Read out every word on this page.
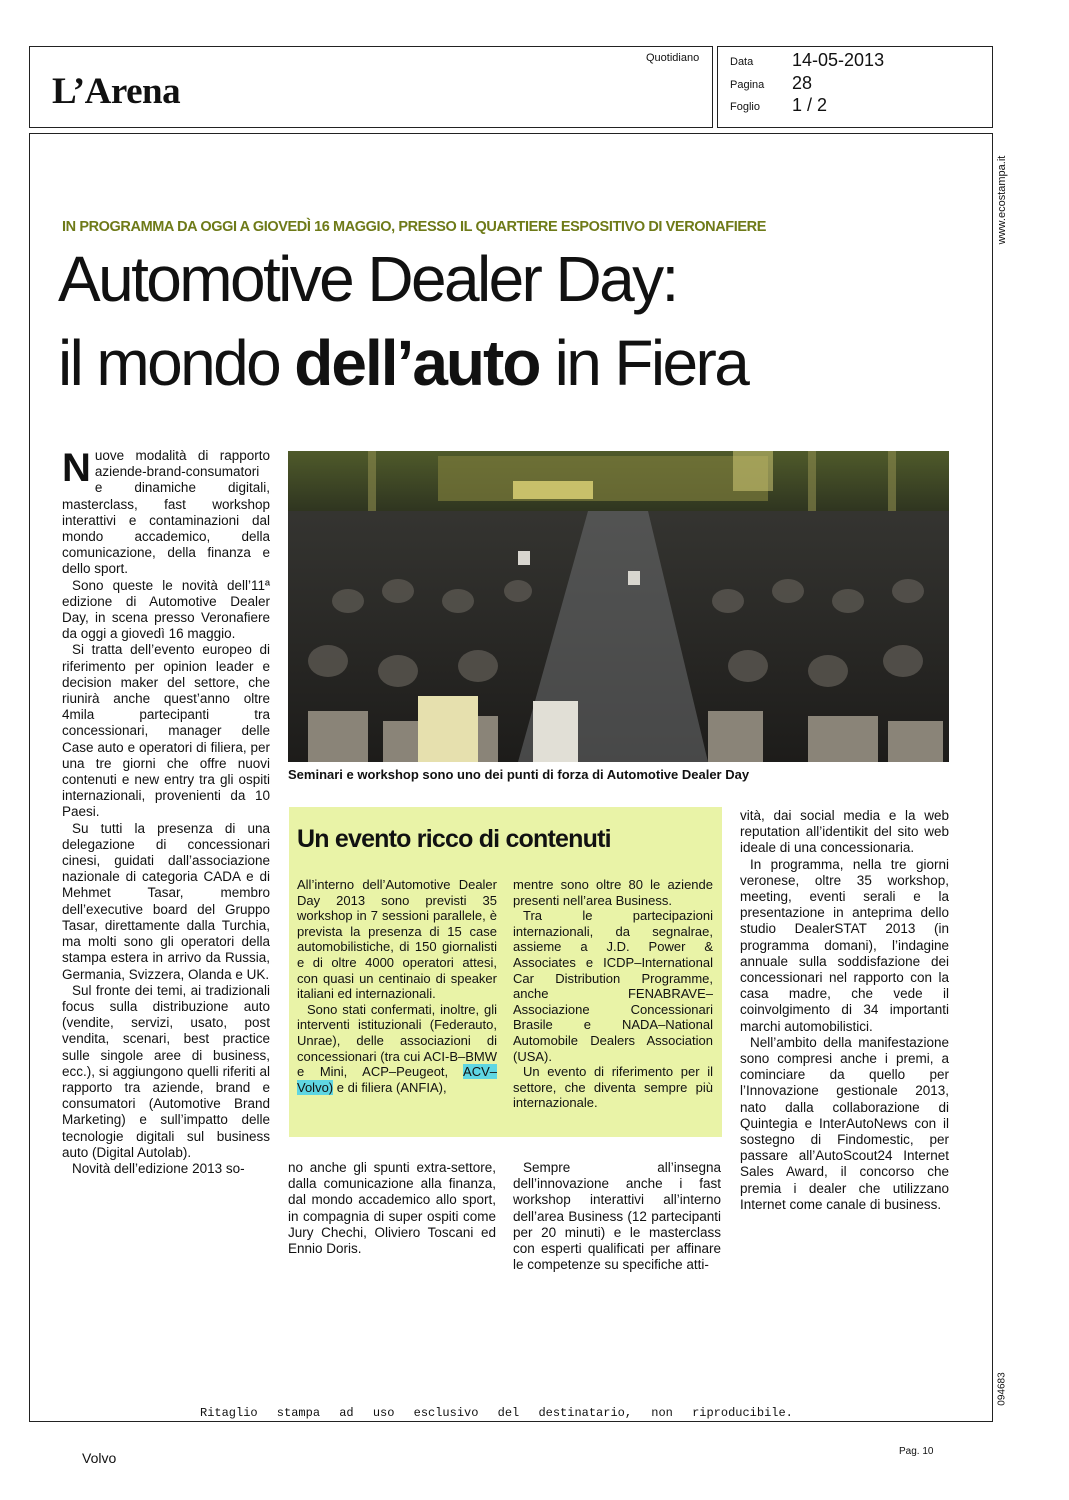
L’Arena
Quotidiano	Data 14-05-2013
Pagina 28
Foglio 1 / 2
www.ecostampa.it
094683
IN PROGRAMMA DA OGGI A GIOVEDÌ 16 MAGGIO, PRESSO IL QUARTIERE ESPOSITIVO DI VERONAFIERE
Automotive Dealer Day:
il mondo dell’auto in Fiera

Nuove modalità di rapporto aziende-brand-consumatori e dinamiche digitali, masterclass, fast workshop interattivi e contaminazioni dal mondo accademico, della comunicazione, della finanza e dello sport.

Sono queste le novità dell’11ª edizione di Automotive Dealer Day, in scena presso Veronafiere da oggi a giovedì 16 maggio.

Si tratta dell’evento europeo di riferimento per opinion leader e decision maker del settore, che riunirà anche quest’anno oltre 4mila partecipanti tra concessionari, manager delle Case auto e operatori di filiera, per una tre giorni che offre nuovi contenuti e new entry tra gli ospiti internazionali, provenienti da 10 Paesi.

Su tutti la presenza di una delegazione di concessionari cinesi, guidati dall’associazione nazionale di categoria CADA e di Mehmet Tasar, membro dell’executive board del Gruppo Tasar, direttamente dalla Turchia, ma molti sono gli operatori della stampa estera in arrivo da Russia, Germania, Svizzera, Olanda e UK.

Sul fronte dei temi, ai tradizionali focus sulla distribuzione auto (vendite, servizi, usato, post vendita, scenari, best practice sulle singole aree di business, ecc.), si aggiungono quelli riferiti al rapporto tra aziende, brand e consumatori (Automotive Brand Marketing) e sull’impatto delle tecnologie digitali sul business auto (Digital Autolab).

Novità dell’edizione 2013 so-

Seminari e workshop sono uno dei punti di forza di Automotive Dealer Day
Un evento ricco di contenuti

All’interno dell’Automotive Dealer Day 2013 sono previsti 35 workshop in 7 sessioni parallele, è prevista la presenza di 15 case automobilistiche, di 150 giornalisti e di oltre 4000 operatori attesi, con quasi un centinaio di speaker italiani ed internazionali.

Sono stati confermati, inoltre, gli interventi istituzionali (Federauto, Unrae), delle associazioni di concessionari (tra cui ACI-B–BMW e Mini, ACP–Peugeot, ACV–Volvo) e di filiera (ANFIA),

mentre sono oltre 80 le aziende presenti nell’area Business.

Tra le partecipazioni internazionali, da segnalrae, assieme a J.D. Power & Associates e ICDP–International Car Distribution Programme, anche FENABRAVE–Associazione Concessionari Brasile e NADA–National Automobile Dealers Association (USA).

Un evento di riferimento per il settore, che diventa sempre più internazionale.

no anche gli spunti extra-settore, dalla comunicazione alla finanza, dal mondo accademico allo sport, in compagnia di super ospiti come Jury Chechi, Oliviero Toscani ed Ennio Doris.

Sempre all’insegna dell’innovazione anche i fast workshop interattivi all’interno dell’area Business (12 partecipanti per 20 minuti) e le masterclass con esperti qualificati per affinare le competenze su specifiche atti-

vità, dai social media e la web reputation all’identikit del sito web ideale di una concessionaria.

In programma, nella tre giorni veronese, oltre 35 workshop, meeting, eventi serali e la presentazione in anteprima dello studio DealerSTAT 2013 (in programma domani), l’indagine annuale sulla soddisfazione dei concessionari nel rapporto con la casa madre, che vede il coinvolgimento di 34 importanti marchi automobilistici.

Nell’ambito della manifestazione sono compresi anche i premi, a cominciare da quello per l’Innovazione gestionale 2013, nato dalla collaborazione di Quintegia e InterAutoNews con il sostegno di Findomestic, per passare all’AutoScout24 Internet Sales Award, il concorso che premia i dealer che utilizzano Internet come canale di business.

Ritaglio stampa ad uso esclusivo del destinatario, non riproducibile.
Volvo	Pag. 10
